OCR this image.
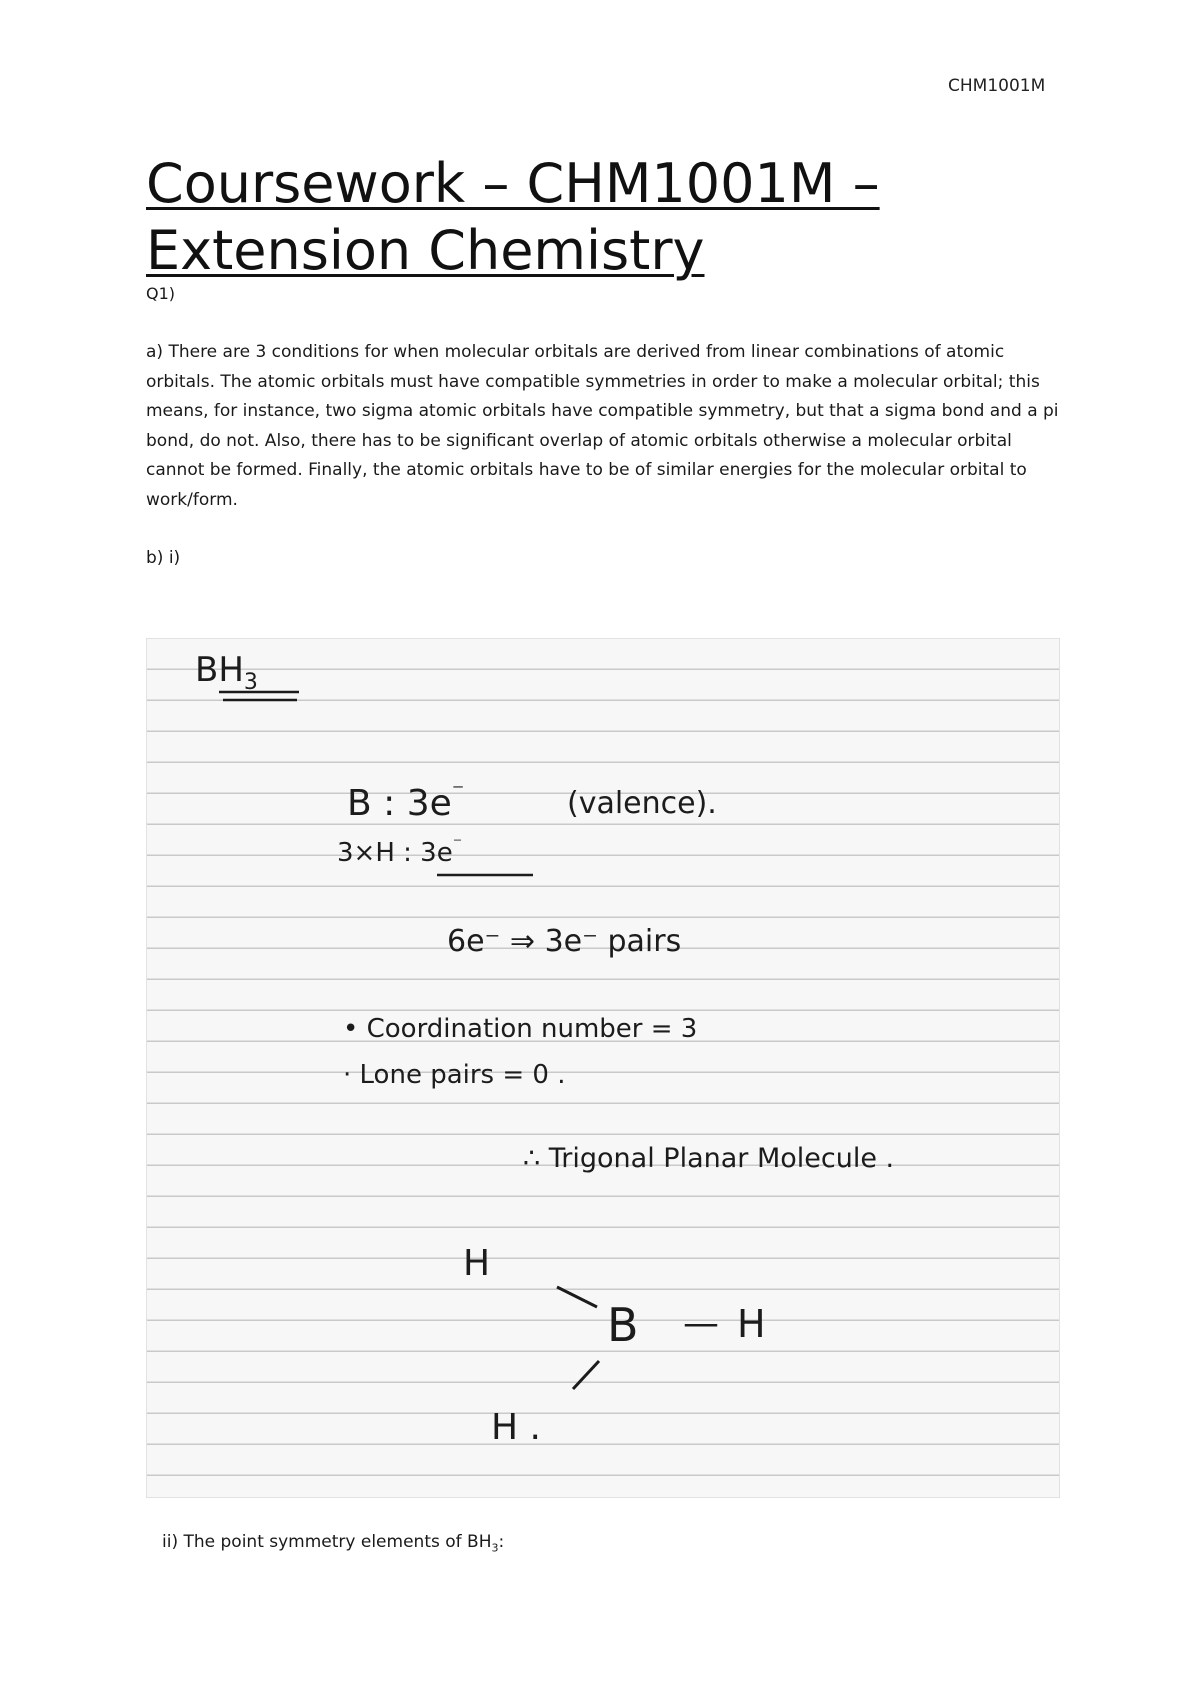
CHM1001M
Coursework – CHM1001M –
Extension Chemistry
Q1)

a) There are 3 conditions for when molecular orbitals are derived from linear combinations of atomic orbitals. The atomic orbitals must have compatible symmetries in order to make a molecular orbital; this means, for instance, two sigma atomic orbitals have compatible symmetry, but that a sigma bond and a pi bond, do not. Also, there has to be significant overlap of atomic orbitals otherwise a molecular orbital cannot be formed. Finally, the atomic orbitals have to be of similar energies for the molecular orbital to work/form.

b) i)
$BH_3$
B : 3e⁻	(valence).
3×H : 3e⁻
6e⁻ ⇒ 3e⁻ pairs
• Coordination number = 3
· Lone pairs = 0 .
∴ Trigonal Planar Molecule .
H
B — H
H .
ii) The point symmetry elements of $BH_3$:
